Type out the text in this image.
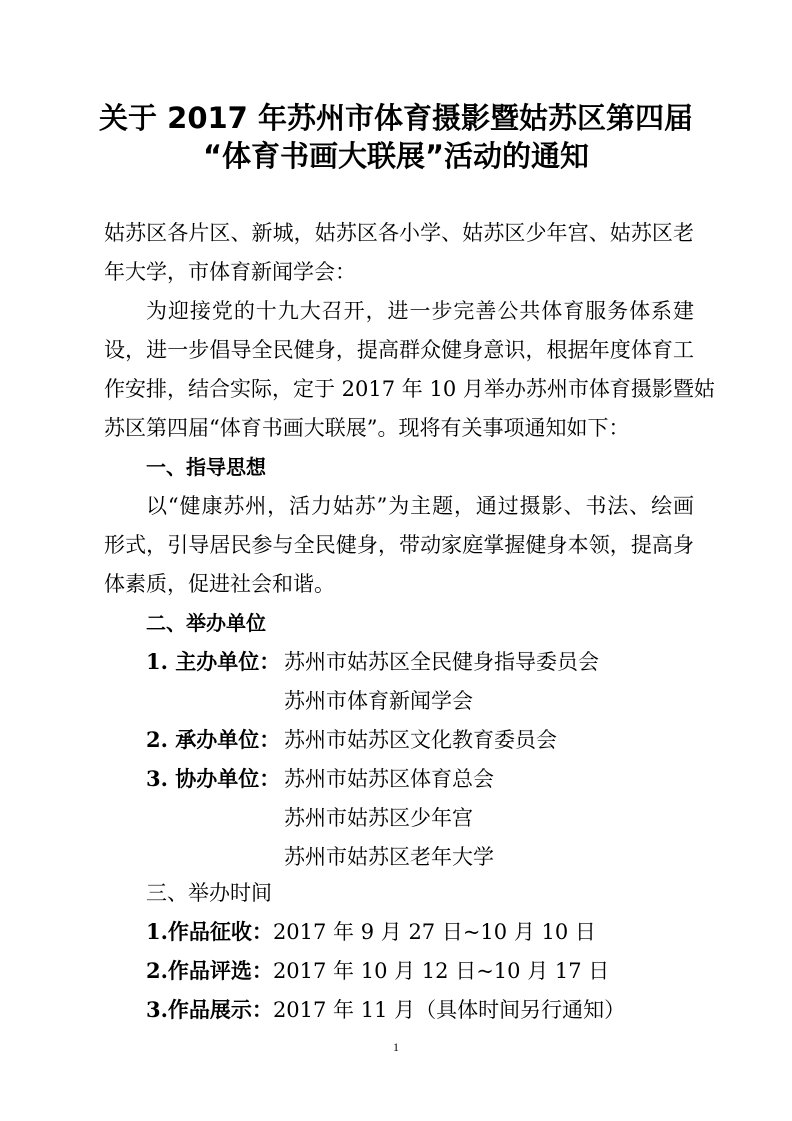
关于 2017 年苏州市体育摄影暨姑苏区第四届
“体育书画大联展”活动的通知
姑苏区各片区、新城，姑苏区各小学、姑苏区少年宫、姑苏区老
年大学，市体育新闻学会：
为迎接党的十九大召开，进一步完善公共体育服务体系建
设，进一步倡导全民健身，提高群众健身意识，根据年度体育工
作安排，结合实际，定于 2017 年 10 月举办苏州市体育摄影暨姑
苏区第四届“体育书画大联展”。现将有关事项通知如下：
一、指导思想
以“健康苏州，活力姑苏”为主题，通过摄影、书法、绘画
形式，引导居民参与全民健身，带动家庭掌握健身本领，提高身
体素质，促进社会和谐。
二、举办单位
1. 主办单位： 苏州市姑苏区全民健身指导委员会
苏州市体育新闻学会
2. 承办单位： 苏州市姑苏区文化教育委员会
3. 协办单位： 苏州市姑苏区体育总会
苏州市姑苏区少年宫
苏州市姑苏区老年大学
三、举办时间
1.作品征收：2017 年 9 月 27 日~10 月 10 日
2.作品评选：2017 年 10 月 12 日~10 月 17 日
3.作品展示：2017 年 11 月（具体时间另行通知）
1
